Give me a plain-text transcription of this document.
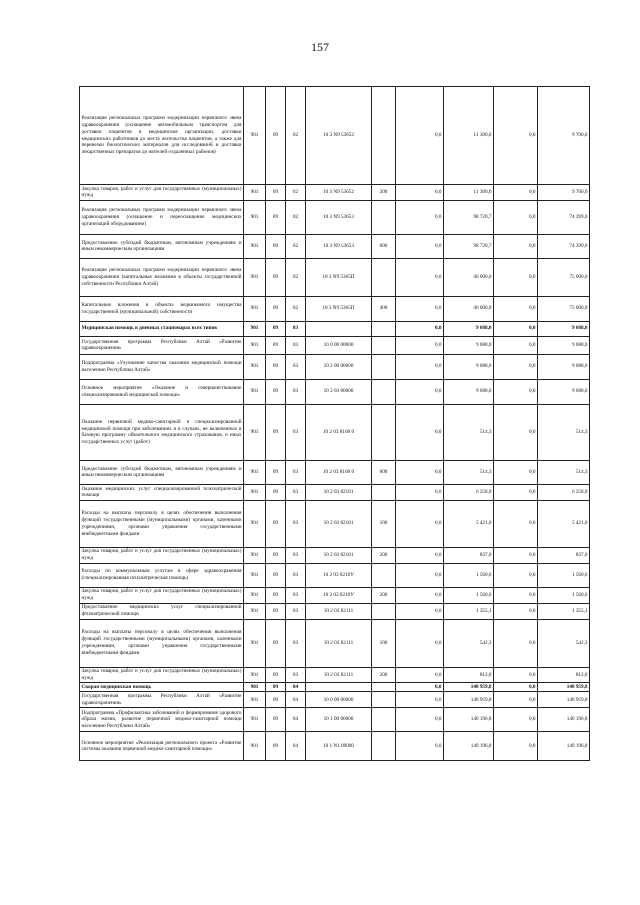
157
Реализация региональных программ модернизации первичного звена здравоохранения (оснащение автомобильным транспортом для доставки пациентов в медицинские организации, доставки медицинских работников до места жительства пациентов, а также для перевозки биологических материалов для исследований и доставки лекарственных препаратов до жителей отдаленных районов)	901	09	02	10 3 N9 53652		0,0	11 300,0	0,0	9 700,0
Закупка товаров, работ и услуг для государственных (муниципальных) нужд	901	09	02	10 3 N9 53652	200	0,0	11 300,0	0,0	9 700,0
Реализация региональных программ модернизации первичного звена здравоохранения (оснащение и переоснащение медицинских организаций оборудованием)	901	09	02	10 3 N9 53653		0,0	98 720,7	0,0	74 399,0
Предоставление субсидий бюджетным, автономным учреждениям и иным некоммерческим организациям	901	09	02	10 3 N9 53653	600	0,0	98 720,7	0,0	74 399,0
Реализация региональных программ модернизации первичного звена здравоохранения (капитальные вложения в объекты государственной собственности Республики Алтай)	901	09	02	10 3 N9 5365П		0,0	46 000,0	0,0	75 000,0
Капитальные вложения в объекты недвижимого имущества государственной (муниципальной) собственности	901	09	02	10 3 N9 5365П	400	0,0	46 000,0	0,0	75 000,0
Медицинская помощь в дневных стационарах всех типов	901	09	03			0,0	9 688,0	0,0	9 688,0
Государственная программа Республики Алтай «Развитие здравоохранения»	901	09	03	10 0 00 00000		0,0	9 688,0	0,0	9 688,0
Подпрограмма «Улучшение качества оказания медицинской помощи населению Республики Алтай»	901	09	03	10 2 00 00000		0,0	9 688,0	0,0	9 688,0
Основное мероприятие «Оказание и совершенствование специализированной медицинской помощи»	901	09	03	10 2 03 00000		0,0	9 688,0	0,0	9 688,0
Оказание первичной медико-санитарной и специализированной медицинской помощи при заболеваниях и в случаях, не включенных в базовую программу обязательного медицинского страхования, и иных государственных услуг (работ)	901	09	03	10 2 03 8100 0		0,0	514,3	0,0	514,3
Предоставление субсидий бюджетным, автономным учреждениям и иным некоммерческим организациям	901	09	03	10 2 03 8100 0	600	0,0	514,3	0,0	514,3
Оказание медицинских услуг специализированной психиатрической помощи	901	09	03	10 2 03 82101		0,0	6 258,0	0,0	6 258,0
Расходы на выплаты персоналу в целях обеспечения выполнения функций государственными (муниципальными) органами, казенными учреждениями, органами управления государственными внебюджетными фондами	901	09	03	10 2 03 82101	100	0,0	5 421,0	0,0	5 421,0
Закупка товаров, работ и услуг для государственных (муниципальных) нужд	901	09	03	10 2 03 82101	200	0,0	837,0	0,0	837,0
Расходы по коммунальным услугам в сфере здравоохранения (специализированная психиатрическая помощь)	901	09	03	10 2 03 8210У		0,0	1 560,6	0,0	1 560,6
Закупка товаров, работ и услуг для государственных (муниципальных) нужд	901	09	03	10 2 03 8210У	200	0,0	1 560,6	0,0	1 560,6
Предоставление медицинских услуг специализированной фтизиатрической помощи	901	09	03	10 2 03 82111		0,0	1 355,1	0,0	1 355,1
Расходы на выплаты персоналу в целях обеспечения выполнения функций государственными (муниципальными) органами, казенными учреждениями, органами управления государственными внебюджетными фондами	901	09	03	10 2 03 82111	100	0,0	542,3	0,0	542,3
Закупка товаров, работ и услуг для государственных (муниципальных) нужд	901	09	03	10 2 03 82111	200	0,0	812,8	0,0	812,8
Скорая медицинская помощь	901	09	04			0,0	148 959,8	0,0	148 959,8
Государственная программа Республики Алтай «Развитие здравоохранения»	901	09	04	10 0 00 00000		0,0	148 959,8	0,0	148 959,8
Подпрограмма «Профилактика заболеваний и формирование здорового образа жизни, развитие первичной медико-санитарной помощи населению Республики Алтай»	901	09	04	10 1 00 00000		0,0	140 196,8	0,0	140 196,8
Основное мероприятие «Реализация регионального проекта «Развитие системы оказания первичной медико-санитарной помощи»	901	09	04	10 1 N1 00000		0,0	140 196,8	0,0	140 196,8
